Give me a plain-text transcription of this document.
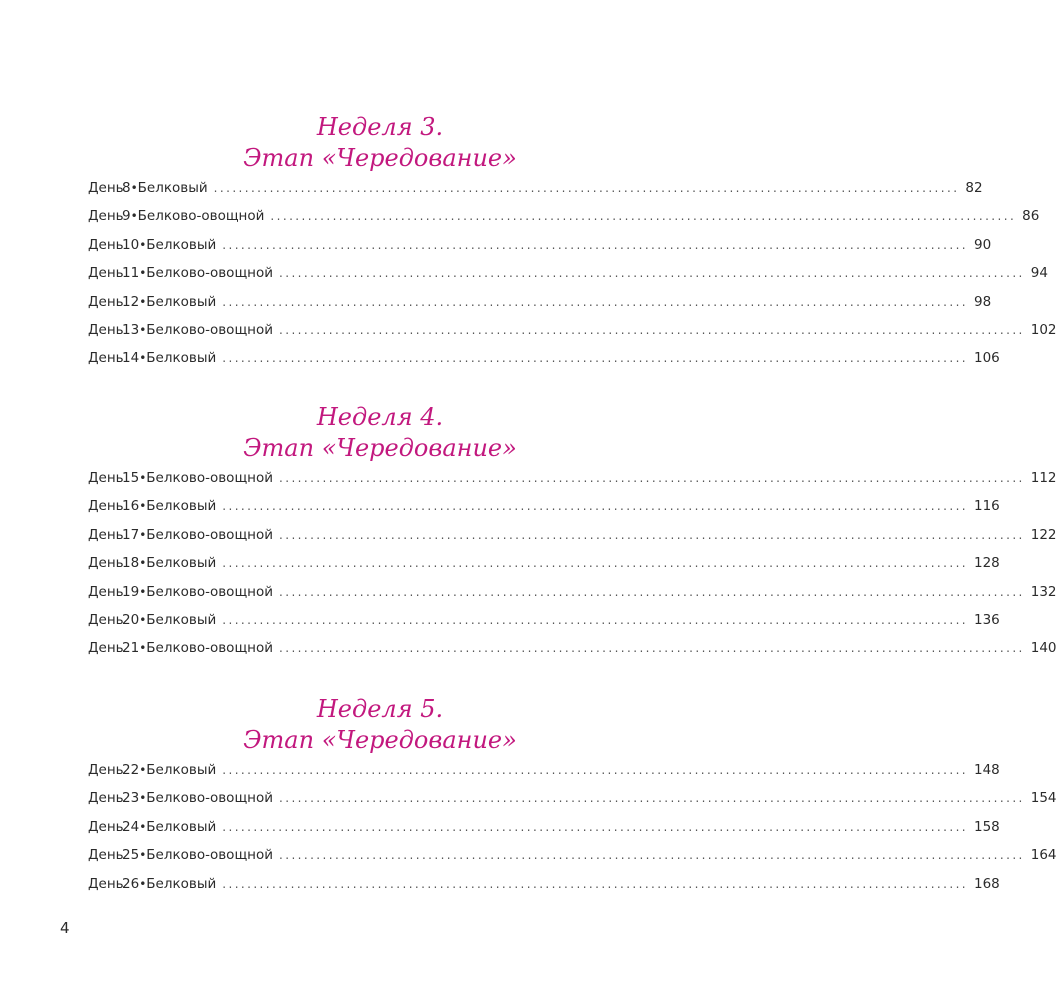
Неделя 3.
Этап «Чередование»
День
8 • Белковый ........................................................................................................................ 82
День
9 • Белково-овощной ........................................................................................................................ 86
День
10 • Белковый ........................................................................................................................ 90
День
11 • Белково-овощной ........................................................................................................................ 94
День
12 • Белковый ........................................................................................................................ 98
День
13 • Белково-овощной ........................................................................................................................ 102
День
14 • Белковый ........................................................................................................................ 106
Неделя 4.
Этап «Чередование»
День
15 • Белково-овощной ........................................................................................................................ 112
День
16 • Белковый ........................................................................................................................ 116
День
17 • Белково-овощной ........................................................................................................................ 122
День
18 • Белковый ........................................................................................................................ 128
День
19 • Белково-овощной ........................................................................................................................ 132
День
20 • Белковый ........................................................................................................................ 136
День
21 • Белково-овощной ........................................................................................................................ 140
Неделя 5.
Этап «Чередование»
День
22 • Белковый ........................................................................................................................ 148
День
23 • Белково-овощной ........................................................................................................................ 154
День
24 • Белковый ........................................................................................................................ 158
День
25 • Белково-овощной ........................................................................................................................ 164
День
26 • Белковый ........................................................................................................................ 168
4
